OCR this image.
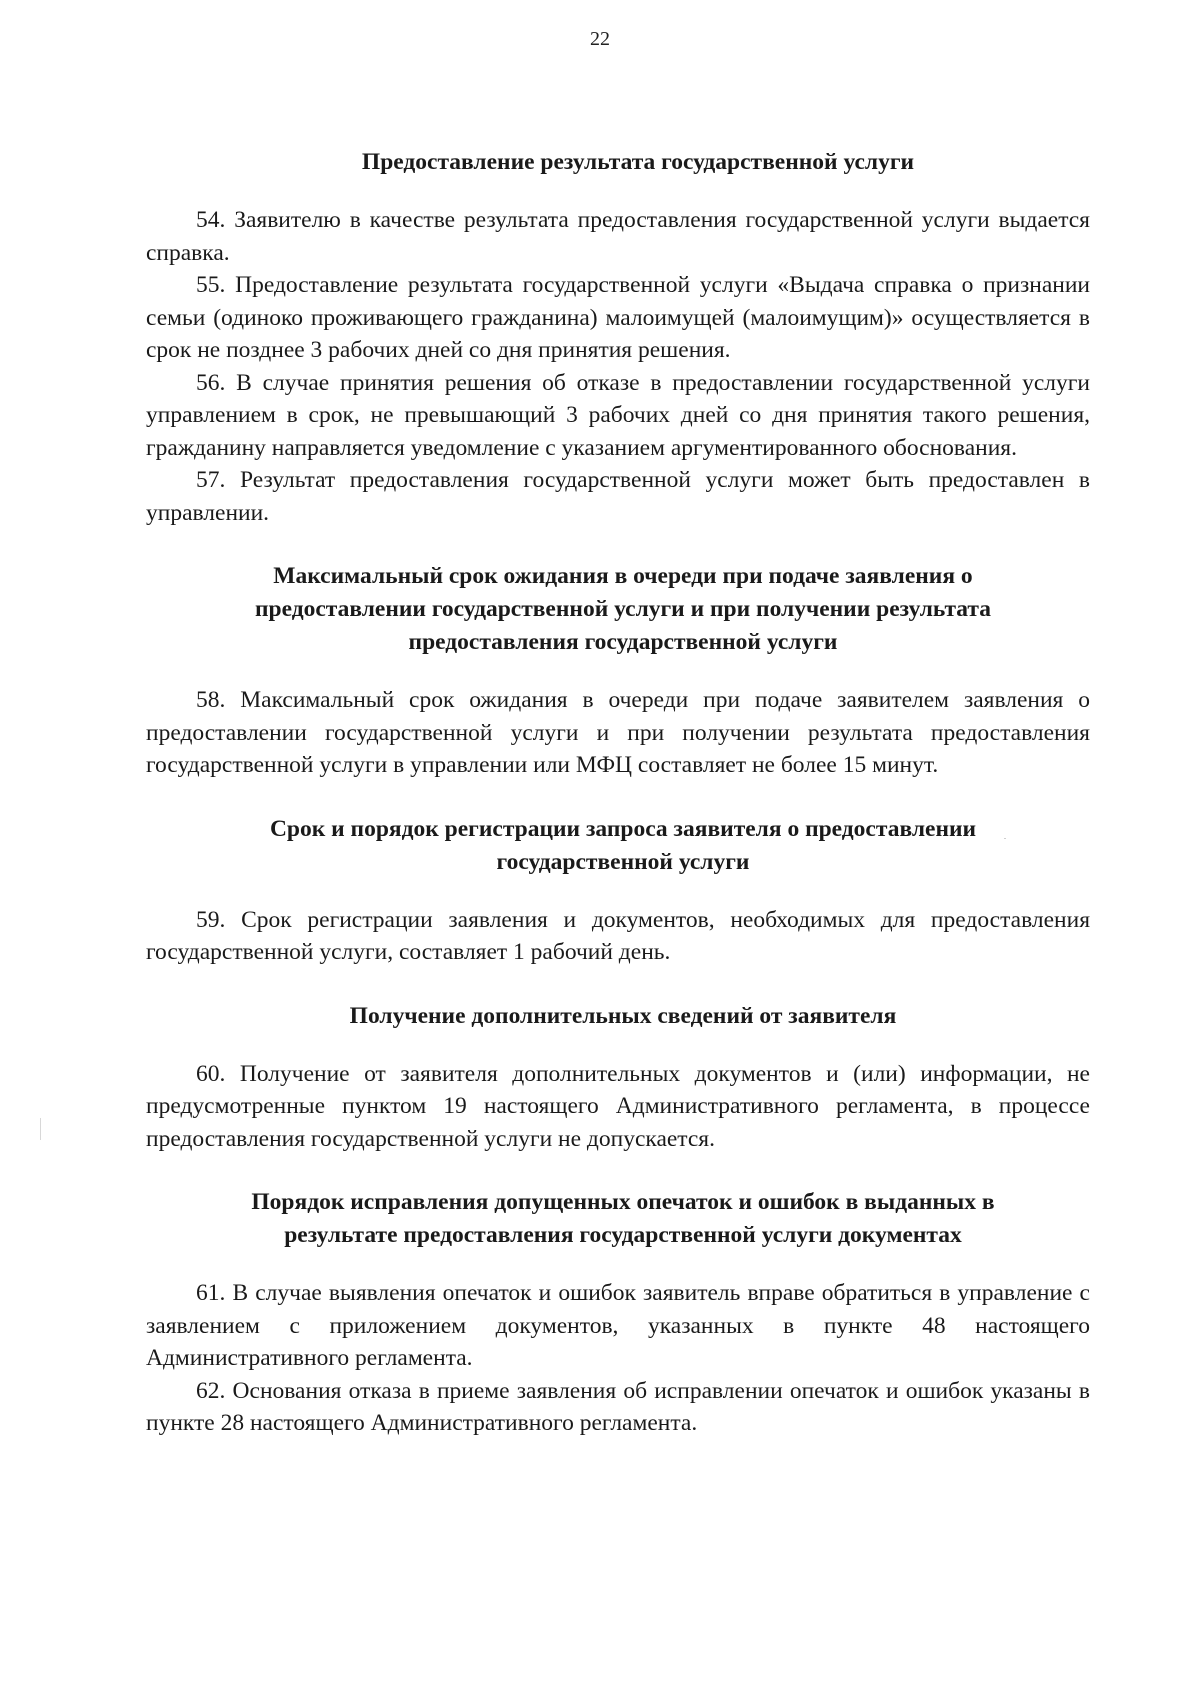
22
Предоставление результата государственной услуги

54. Заявителю в качестве результата предоставления государственной услуги выдается справка.

55. Предоставление результата государственной услуги «Выдача справка о признании семьи (одиноко проживающего гражданина) малоимущей (малоимущим)» осуществляется в срок не позднее 3 рабочих дней со дня принятия решения.

56. В случае принятия решения об отказе в предоставлении государственной услуги управлением в срок, не превышающий 3 рабочих дней со дня принятия такого решения, гражданину направляется уведомление с указанием аргументированного обоснования.

57. Результат предоставления государственной услуги может быть предоставлен в управлении.

Максимальный срок ожидания в очереди при подаче заявления о
предоставлении государственной услуги и при получении результата
предоставления государственной услуги

58. Максимальный срок ожидания в очереди при подаче заявителем заявления о предоставлении государственной услуги и при получении результата предоставления государственной услуги в управлении или МФЦ составляет не более 15 минут.

Срок и порядок регистрации запроса заявителя о предоставлении
государственной услуги

59. Срок регистрации заявления и документов, необходимых для предоставления государственной услуги, составляет 1 рабочий день.

Получение дополнительных сведений от заявителя

60. Получение от заявителя дополнительных документов и (или) информации, не предусмотренные пунктом 19 настоящего Административного регламента, в процессе предоставления государственной услуги не допускается.

Порядок исправления допущенных опечаток и ошибок в выданных в
результате предоставления государственной услуги документах

61. В случае выявления опечаток и ошибок заявитель вправе обратиться в управление с заявлением с приложением документов, указанных в пункте 48 настоящего Административного регламента.

62. Основания отказа в приеме заявления об исправлении опечаток и ошибок указаны в пункте 28 настоящего Административного регламента.
